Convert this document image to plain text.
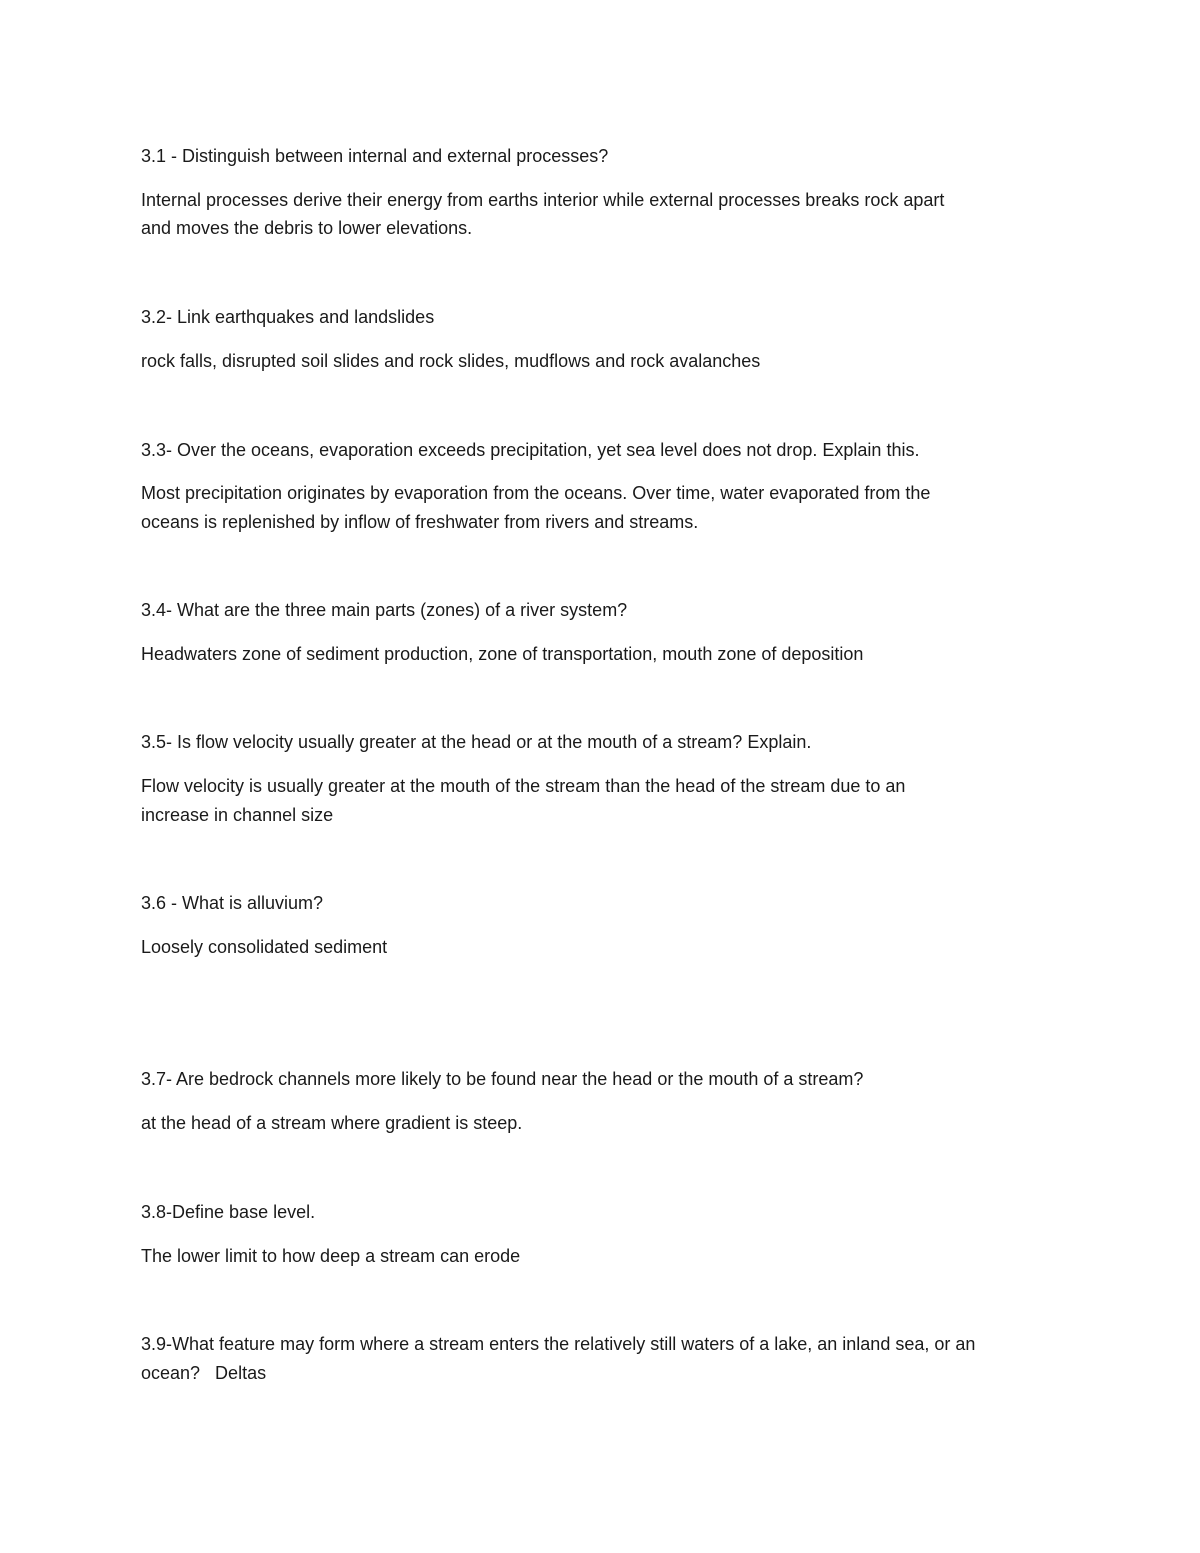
3.1 - Distinguish between internal and external processes?
Internal processes derive their energy from earths interior while external processes breaks rock apart
and moves the debris to lower elevations.
3.2- Link earthquakes and landslides
rock falls, disrupted soil slides and rock slides, mudflows and rock avalanches
3.3- Over the oceans, evaporation exceeds precipitation, yet sea level does not drop. Explain this.
Most precipitation originates by evaporation from the oceans. Over time, water evaporated from the
oceans is replenished by inflow of freshwater from rivers and streams.
3.4- What are the three main parts (zones) of a river system?
Headwaters zone of sediment production, zone of transportation, mouth zone of deposition
3.5- Is flow velocity usually greater at the head or at the mouth of a stream? Explain.
Flow velocity is usually greater at the mouth of the stream than the head of the stream due to an
increase in channel size
3.6 - What is alluvium?
Loosely consolidated sediment
3.7- Are bedrock channels more likely to be found near the head or the mouth of a stream?
at the head of a stream where gradient is steep.
3.8-Define base level.
The lower limit to how deep a stream can erode
3.9-What feature may form where a stream enters the relatively still waters of a lake, an inland sea, or an
ocean?   Deltas
